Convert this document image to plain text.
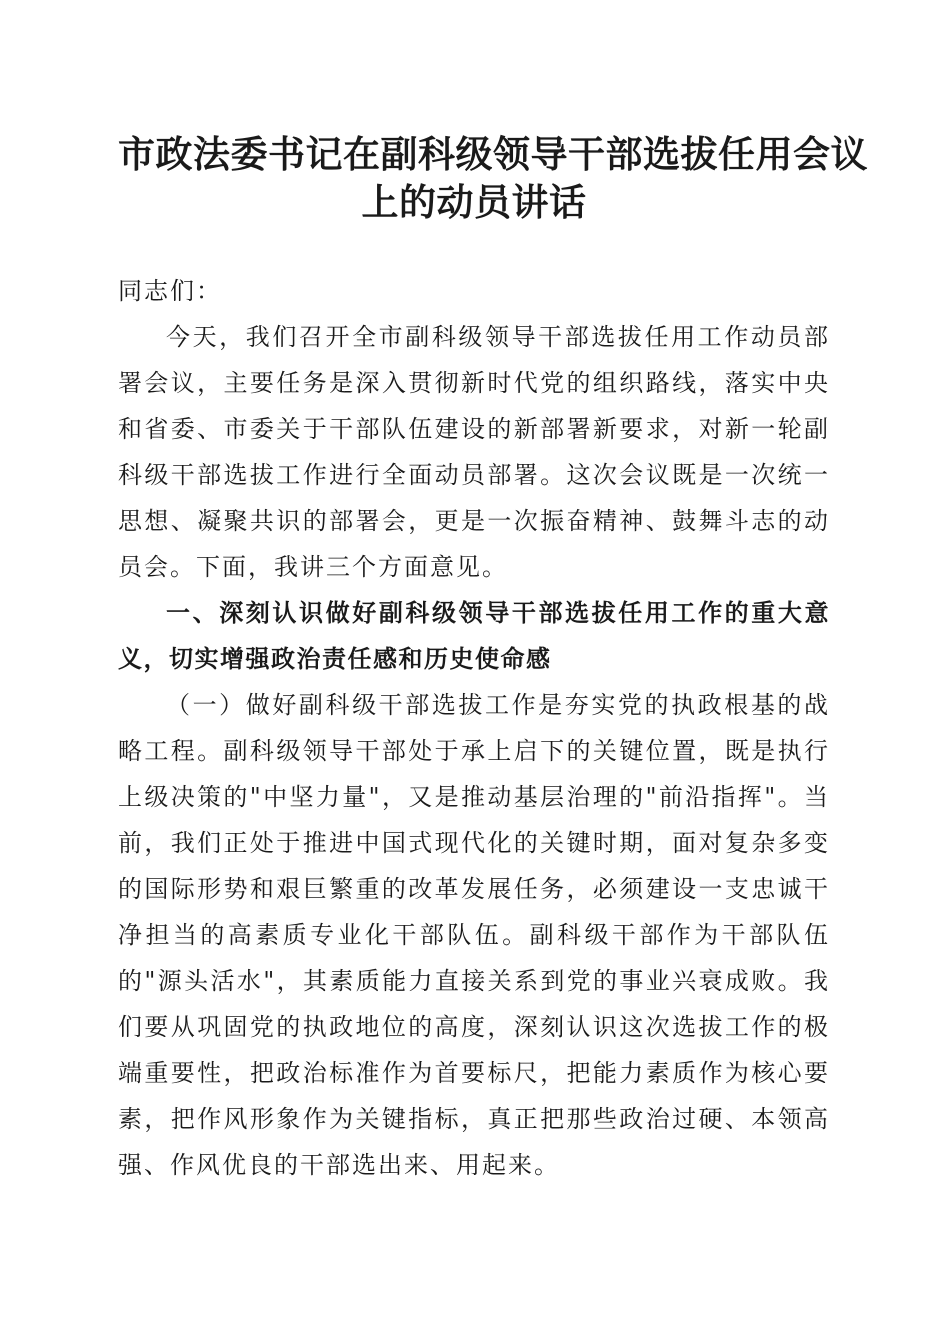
市政法委书记在副科级领导干部选拔任用会议
上的动员讲话

同志们：

今天，我们召开全市副科级领导干部选拔任用工作动员部署会议，主要任务是深入贯彻新时代党的组织路线，落实中央和省委、市委关于干部队伍建设的新部署新要求，对新一轮副科级干部选拔工作进行全面动员部署。这次会议既是一次统一思想、凝聚共识的部署会，更是一次振奋精神、鼓舞斗志的动员会。下面，我讲三个方面意见。

一、深刻认识做好副科级领导干部选拔任用工作的重大意义，切实增强政治责任感和历史使命感

（一）做好副科级干部选拔工作是夯实党的执政根基的战略工程。副科级领导干部处于承上启下的关键位置，既是执行上级决策的"中坚力量"，又是推动基层治理的"前沿指挥"。当前，我们正处于推进中国式现代化的关键时期，面对复杂多变的国际形势和艰巨繁重的改革发展任务，必须建设一支忠诚干净担当的高素质专业化干部队伍。副科级干部作为干部队伍的"源头活水"，其素质能力直接关系到党的事业兴衰成败。我们要从巩固党的执政地位的高度，深刻认识这次选拔工作的极端重要性，把政治标准作为首要标尺，把能力素质作为核心要素，把作风形象作为关键指标，真正把那些政治过硬、本领高强、作风优良的干部选出来、用起来。
